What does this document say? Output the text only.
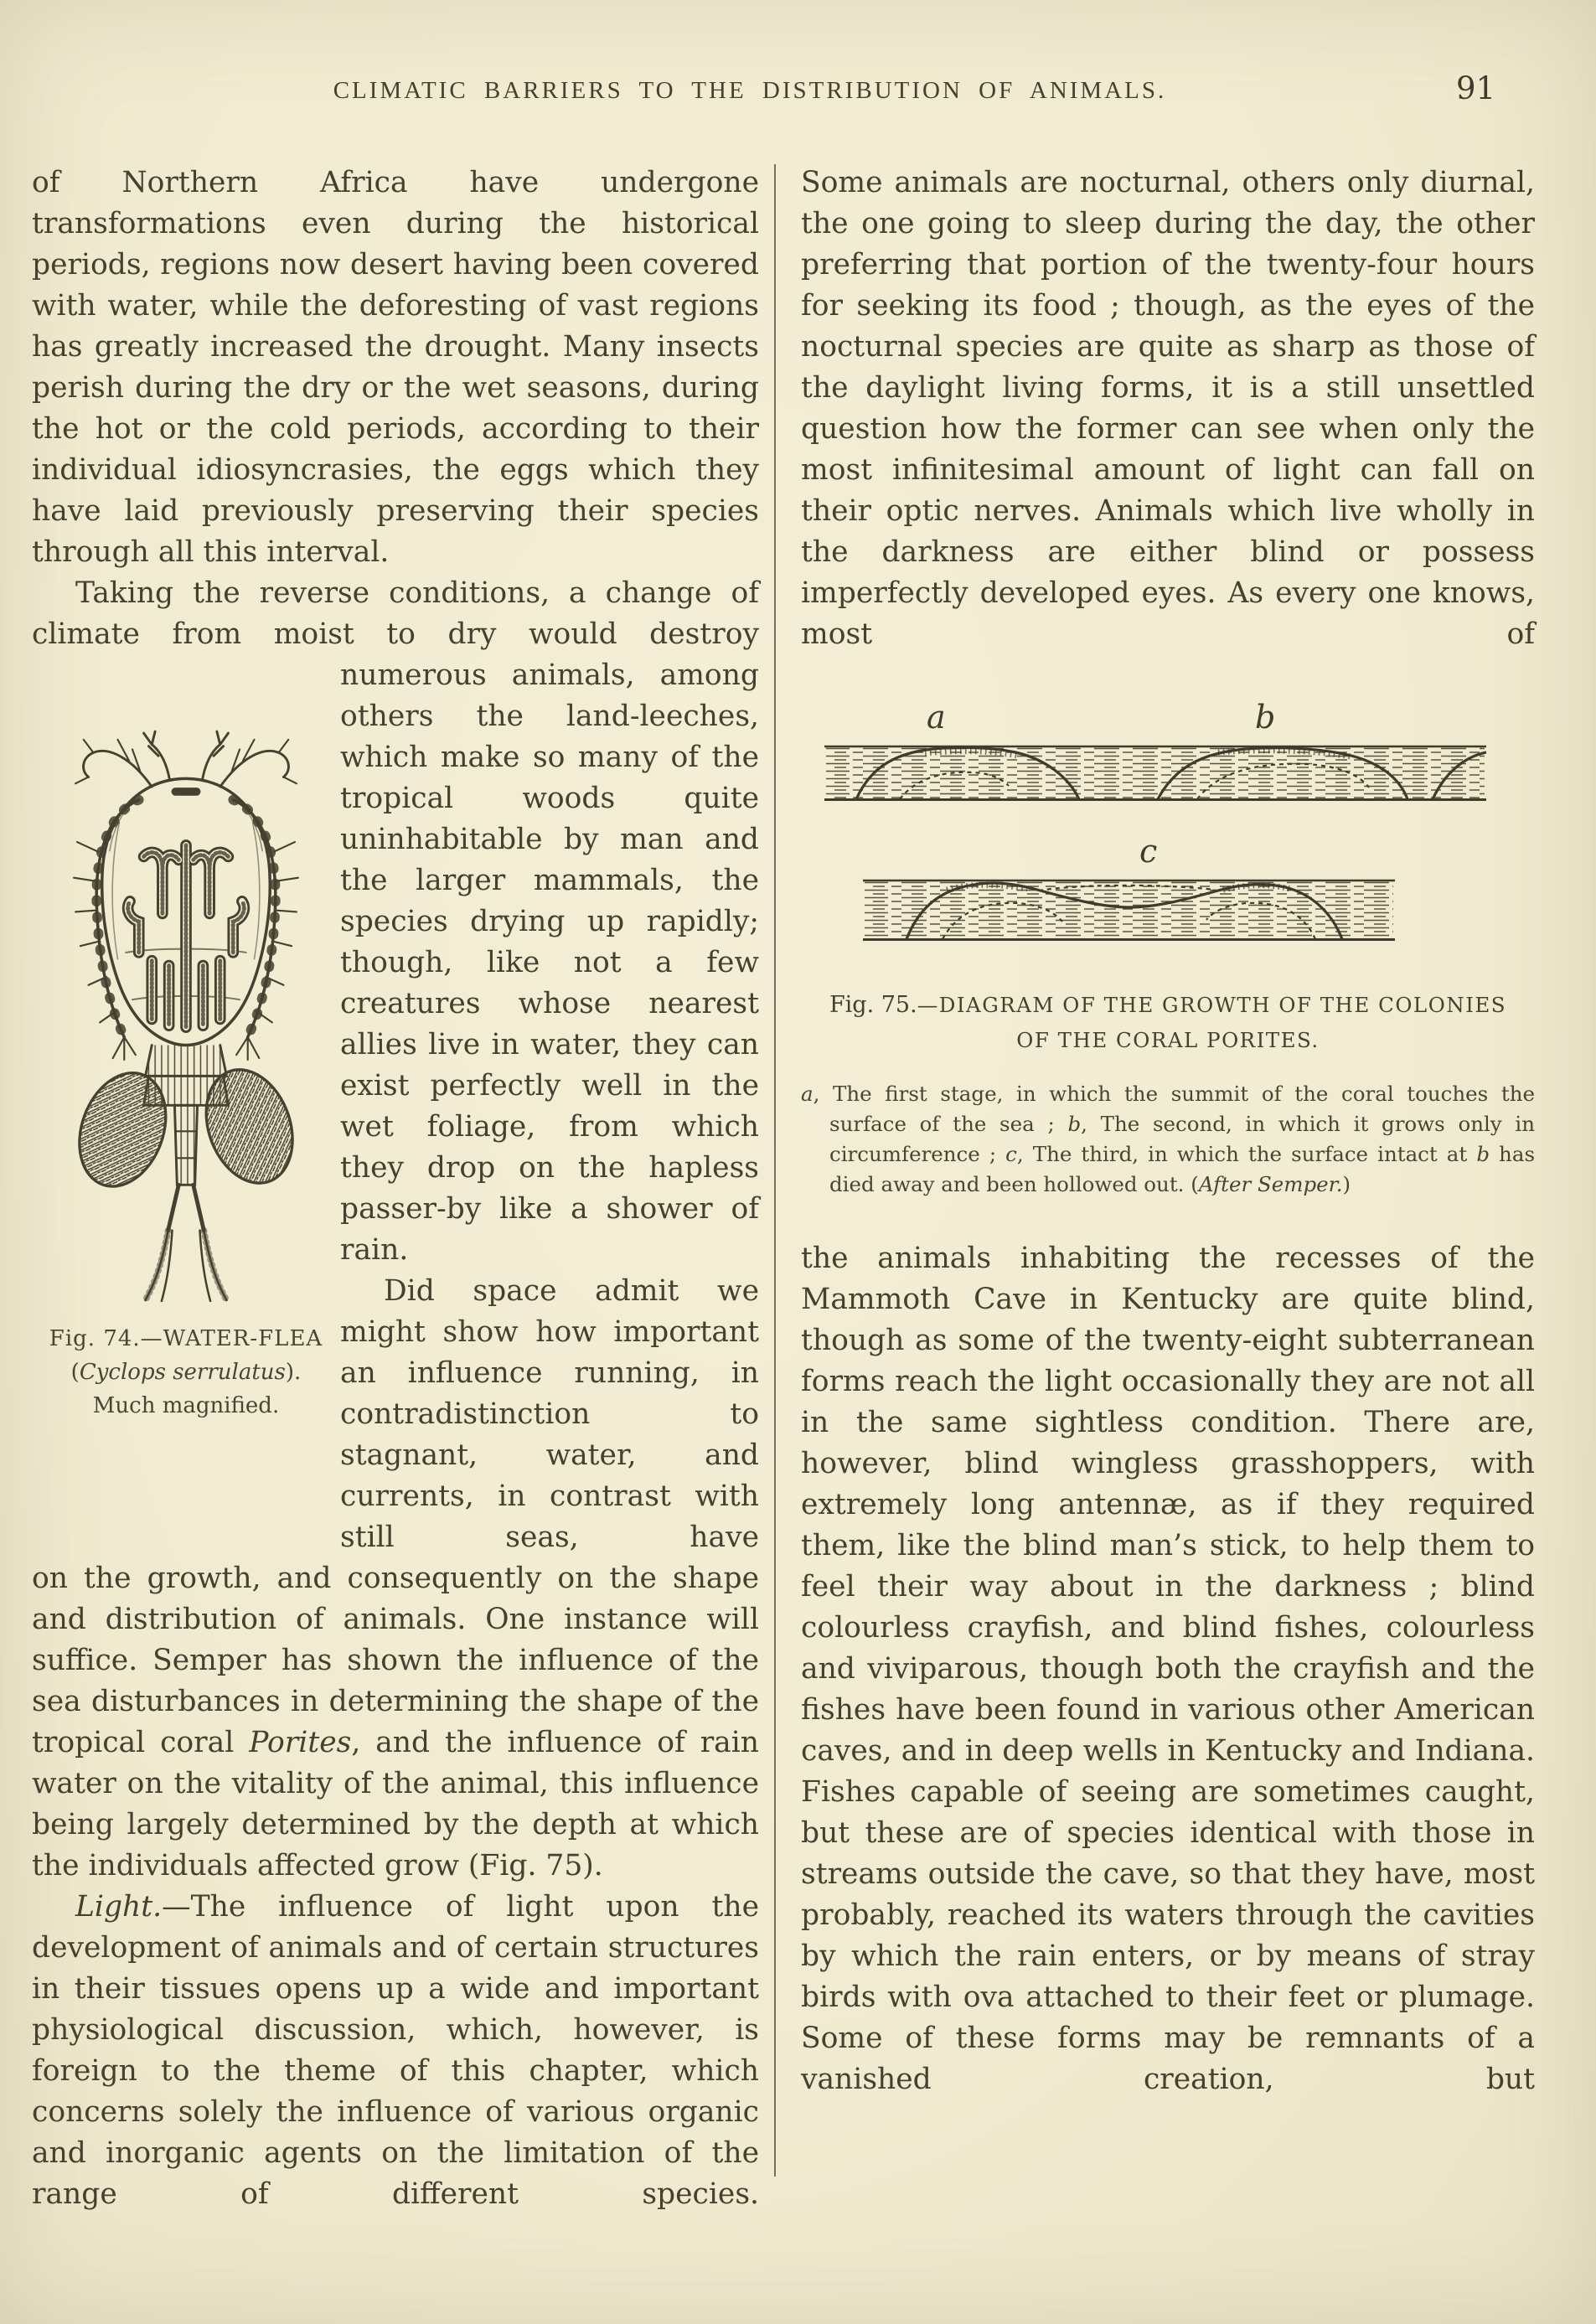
CLIMATIC BARRIERS TO THE DISTRIBUTION OF ANIMALS.	91

of Northern Africa have undergone transformations even during the historical periods, regions now desert having been covered with water, while the deforesting of vast regions has greatly increased the drought. Many insects perish during the dry or the wet seasons, during the hot or the cold periods, according to their individual idiosyncrasies, the eggs which they have laid previously preserving their species through all this interval.

Taking the reverse conditions, a change of climate from moist to dry would destroy

Fig. 74.—WATER-FLEA
(Cyclops serrulatus).
Much magnified.

numerous animals, among others the land-leeches, which make so many of the tropical woods quite uninhabitable by man and the larger mammals, the species drying up rapidly; though, like not a few creatures whose nearest allies live in water, they can exist perfectly well in the wet foliage, from which they drop on the hapless passer-by like a shower of rain.

Did space admit we might show how important an influence running, in contradistinction to stagnant, water, and currents, in contrast with still seas, have

on the growth, and consequently on the shape and distribution of animals. One instance will suffice. Semper has shown the influence of the sea disturbances in determining the shape of the tropical coral Porites, and the influence of rain water on the vitality of the animal, this influence being largely determined by the depth at which the individuals affected grow (Fig. 75).

Light.—The influence of light upon the development of animals and of certain structures in their tissues opens up a wide and important physiological discussion, which, however, is foreign to the theme of this chapter, which concerns solely the influence of various organic and inorganic agents on the limitation of the range of different species.

Some animals are nocturnal, others only diurnal, the one going to sleep during the day, the other preferring that portion of the twenty-four hours for seeking its food ; though, as the eyes of the nocturnal species are quite as sharp as those of the daylight living forms, it is a still unsettled question how the former can see when only the most infinitesimal amount of light can fall on their optic nerves. Animals which live wholly in the darkness are either blind or possess imperfectly developed eyes. As every one knows, most of

a	b
c
Fig. 75.—DIAGRAM OF THE GROWTH OF THE COLONIES
OF THE CORAL PORITES.
a, The first stage, in which the summit of the coral touches the surface of the sea ; b, The second, in which it grows only in circumference ; c, The third, in which the surface intact at b has died away and been hollowed out. (After Semper.)

the animals inhabiting the recesses of the Mammoth Cave in Kentucky are quite blind, though as some of the twenty-eight subterranean forms reach the light occasionally they are not all in the same sightless condition. There are, however, blind wingless grasshoppers, with extremely long antennæ, as if they required them, like the blind man’s stick, to help them to feel their way about in the darkness ; blind colourless crayfish, and blind fishes, colourless and viviparous, though both the crayfish and the fishes have been found in various other American caves, and in deep wells in Kentucky and Indiana. Fishes capable of seeing are sometimes caught, but these are of species identical with those in streams outside the cave, so that they have, most probably, reached its waters through the cavities by which the rain enters, or by means of stray birds with ova attached to their feet or plumage. Some of these forms may be remnants of a vanished creation, but
